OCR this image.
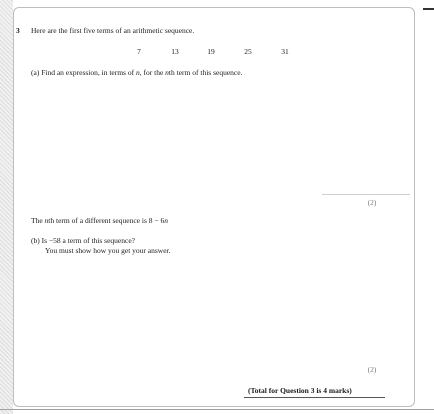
3 Here are the first five terms of an arithmetic sequence.
7	13	19	25	31
(a) Find an expression, in terms of n, for the nth term of this sequence.
(2)
The nth term of a different sequence is 8 − 6n
(b) Is −58 a term of this sequence?
You must show how you get your answer.
(2)
(Total for Question 3 is 4 marks)
